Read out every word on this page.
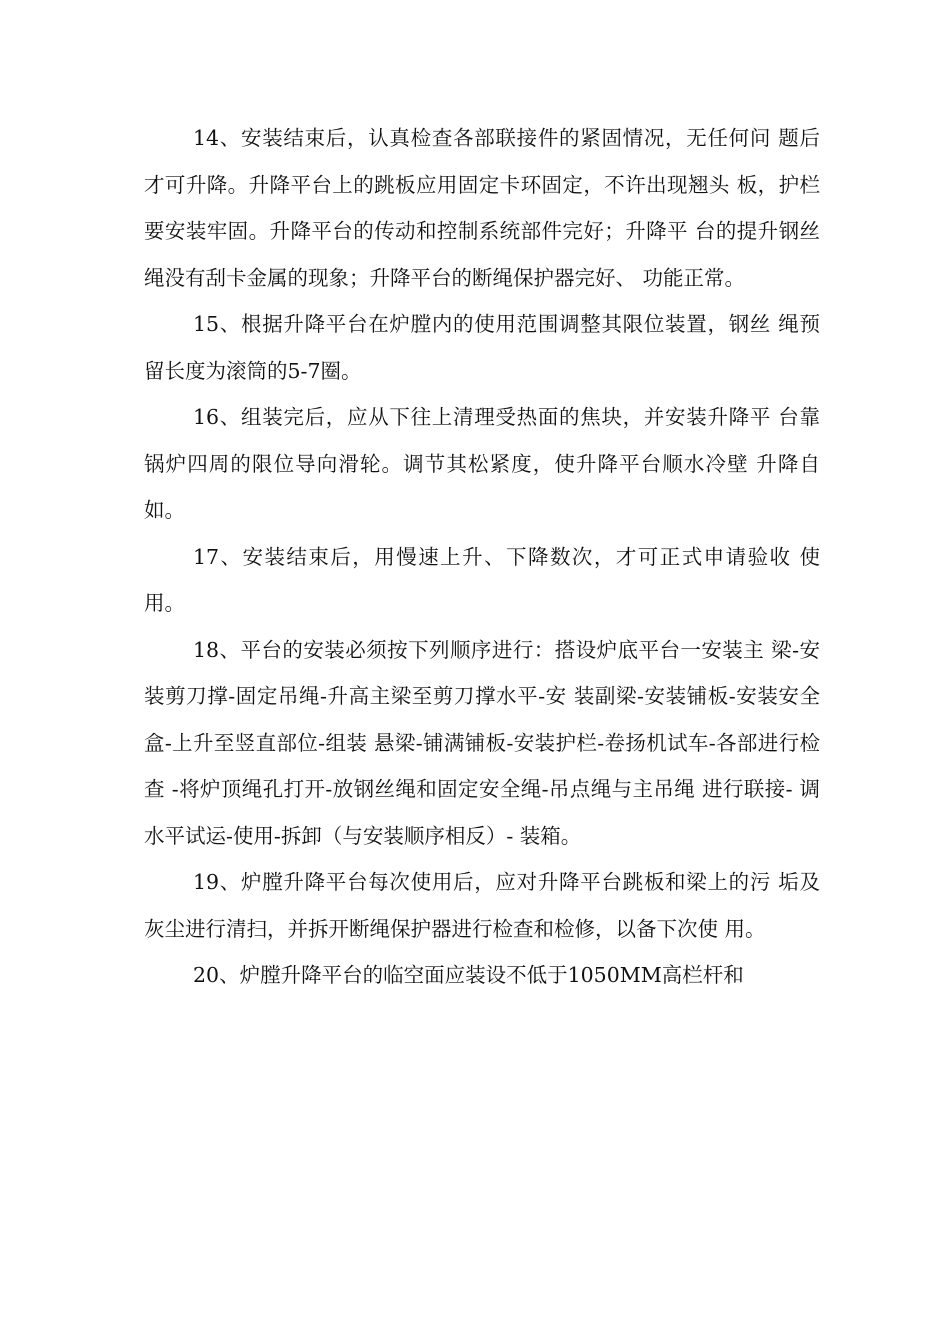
14、安装结束后，认真检查各部联接件的紧固情况，无任何问 题后才可升降。升降平台上的跳板应用固定卡环固定，不许出现翘头 板，护栏要安装牢固。升降平台的传动和控制系统部件完好；升降平 台的提升钢丝绳没有刮卡金属的现象；升降平台的断绳保护器完好、 功能正常。

15、根据升降平台在炉膛内的使用范围调整其限位装置，钢丝 绳预留长度为滚筒的5-7圈。

16、组装完后，应从下往上清理受热面的焦块，并安装升降平 台靠锅炉四周的限位导向滑轮。调节其松紧度，使升降平台顺水冷壁 升降自如。

17、安装结束后，用慢速上升、下降数次，才可正式申请验收 使用。

18、平台的安装必须按下列顺序进行：搭设炉底平台一安装主 梁-安装剪刀撑-固定吊绳-升高主梁至剪刀撑水平-安 装副梁-安装铺板-安装安全盒-上升至竖直部位-组装 悬梁-铺满铺板-安装护栏-卷扬机试车-各部进行检查 -将炉顶绳孔打开-放钢丝绳和固定安全绳-吊点绳与主吊绳 进行联接- 调水平试运-使用-拆卸（与安装顺序相反）- 装箱。

19、炉膛升降平台每次使用后，应对升降平台跳板和梁上的污 垢及灰尘进行清扫，并拆开断绳保护器进行检查和检修，以备下次使 用。

20、炉膛升降平台的临空面应装设不低于1050MM高栏杆和
